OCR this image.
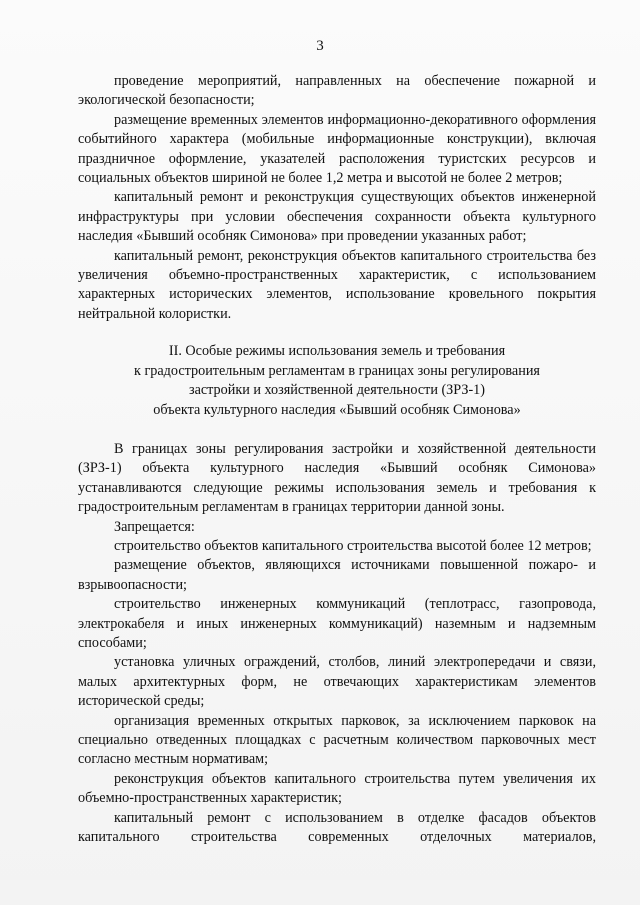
3

проведение мероприятий, направленных на обеспечение пожарной и экологической безопасности;

размещение временных элементов информационно-декоративного оформления событийного характера (мобильные информационные конструкции), включая праздничное оформление, указателей расположения туристских ресурсов и социальных объектов шириной не более 1,2 метра и высотой не более 2 метров;

капитальный ремонт и реконструкция существующих объектов инженерной инфраструктуры при условии обеспечения сохранности объекта культурного наследия «Бывший особняк Симонова» при проведении указанных работ;

капитальный ремонт, реконструкция объектов капитального строительства без увеличения объемно-пространственных характеристик, с использованием характерных исторических элементов, использование кровельного покрытия нейтральной колористки.

II. Особые режимы использования земель и требования
к градостроительным регламентам в границах зоны регулирования
застройки и хозяйственной деятельности (ЗРЗ-1)
объекта культурного наследия «Бывший особняк Симонова»

В границах зоны регулирования застройки и хозяйственной деятельности (ЗРЗ-1) объекта культурного наследия «Бывший особняк Симонова» устанавливаются следующие режимы использования земель и требования к градостроительным регламентам в границах территории данной зоны.

Запрещается:

строительство объектов капитального строительства высотой более 12 метров;

размещение объектов, являющихся источниками повышенной пожаро- и взрывоопасности;

строительство инженерных коммуникаций (теплотрасс, газопровода, электрокабеля и иных инженерных коммуникаций) наземным и надземным способами;

установка уличных ограждений, столбов, линий электропередачи и связи, малых архитектурных форм, не отвечающих характеристикам элементов исторической среды;

организация временных открытых парковок, за исключением парковок на специально отведенных площадках с расчетным количеством парковочных мест согласно местным нормативам;

реконструкция объектов капитального строительства путем увеличения их объемно-пространственных характеристик;

капитальный ремонт с использованием в отделке фасадов объектов капитального строительства современных отделочных материалов,
